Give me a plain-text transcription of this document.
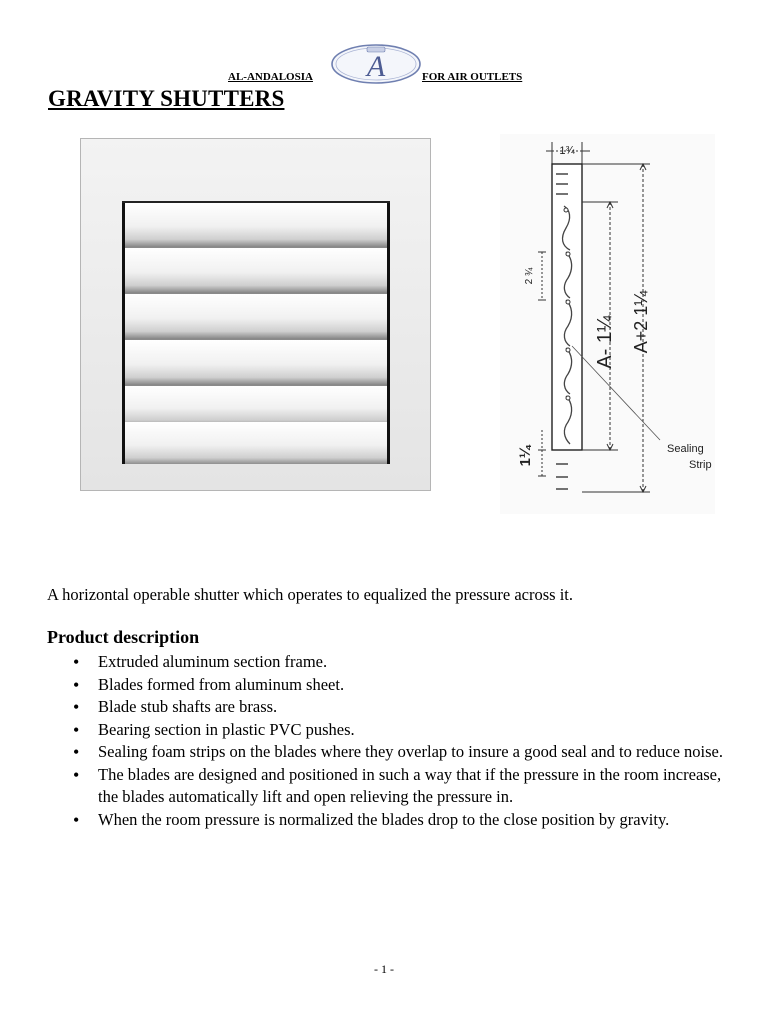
AL-ANDALOSIA A	FOR AIR OUTLETS
GRAVITY SHUTTERS
1¾
2 ¾
1¼
A- 1¼ A+2 1¼
Sealing
Strip
A horizontal operable shutter which operates to equalized the pressure across it.
Product description
• Extruded aluminum section frame.
• Blades formed from aluminum sheet.
• Blade stub shafts are brass.
• Bearing section in plastic PVC pushes.
• Sealing foam strips on the blades where they overlap to insure a good seal and to reduce noise.
• The blades are designed and positioned in such a way that if the pressure in the room increase, the blades automatically lift and open relieving the pressure in.
• When the room pressure is normalized the blades drop to the close position by gravity.
- 1 -
